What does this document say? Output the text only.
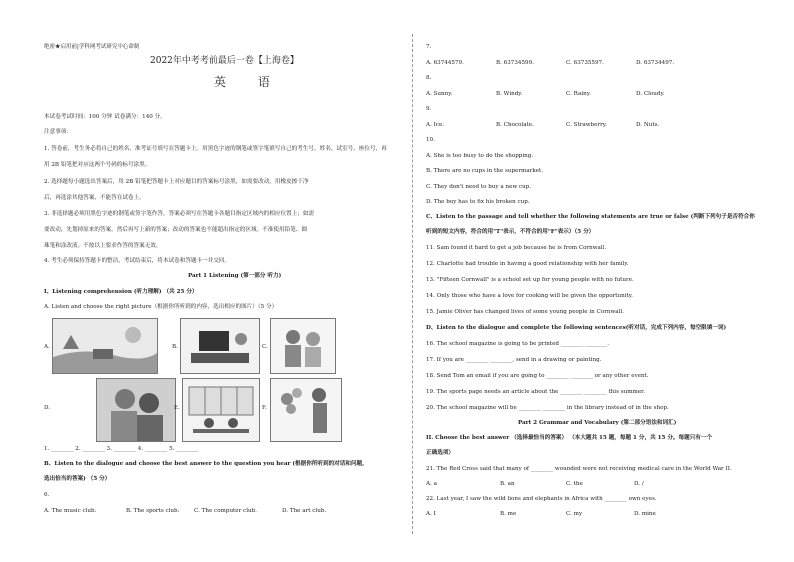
绝密★启用前|学科网考试研究中心命制
2022年中考考前最后一卷【上海卷】
英 语
本试卷考试时间：100 分钟 试卷满分：140 分。
注意事项：
1. 答卷前，考生务必将自己的姓名、准考证号填写在答题卡上。用黑色字迹的钢笔或签字笔填写自己的考生号、姓名、试室号、座位号，再
用 2B 铅笔把对应这两个号码的标号涂黑。
2. 选择题每小题选出答案后，用 2B 铅笔把答题卡上对应题目的答案标号涂黑，如需要改动，用橡皮擦干净
后，再选涂其他答案，不能答在试卷上。
3. 非选择题必须用黑色字迹的钢笔或签字笔作答，答案必须写在答题卡各题目指定区域内的相应位置上；如需
要改动，先划掉原来的答案，然后再写上新的答案；改动的答案也不能超出指定的区域。不准使用铅笔、圆
珠笔和涂改液。不按以上要求作答的答案无效。
4. 考生必须保持答题卡的整洁，考试结束后，将本试卷和答题卡一并交回。
Part 1 Listening (第一部分 听力)
I、Listening comprehension (听力理解) （共 25 分）
A. Listen and choose the right picture（根据你所听到的内容，选出相应的图片）（5 分）
A.	B.	C.
D.	E.	F.
1. ________ 2. ________ 3. ________ 4. ________ 5. ________
B、Listen to the dialogue and choose the best answer to the question you hear (根据你所听到的对话和问题，
选出恰当的答案) （5 分）
6.
A. The music club.	B. The sports club.	C. The computer club.	D. The art club.
7.
A. 63744579.	B. 63734599.	C. 63735597.	D. 63734497.
8.
A. Sunny.	B. Windy.	C. Rainy.	D. Cloudy.
9.
A. Ice.	B. Chocolate.	C. Strawberry.	D. Nuts.
10.
A. She is too busy to do the shopping.
B. There are no cups in the supermarket.
C. They don't need to buy a new cup.
D. The boy has to fix his broken cup.
C、Listen to the passage and tell whether the following statements are true or false (判断下列句子是否符合你
听到的短文内容，符合的用"T"表示，不符合的用"F"表示）（5 分）
11. Sam found it hard to get a job because he is from Cornwall.
12. Charlotte had trouble in having a good relationship with her family.
13. "Fifteen Cornwall" is a school set up for young people with no future.
14. Only those who have a love for cooking will be given the opportunity.
15. Jamie Oliver has changed lives of some young people in Cornwall.
D、Listen to the dialogue and complete the following sentences(听对话，完成下列内容，每空限填一词)
16. The school magazine is going to be printed ________ ________.
17. If you are ________ ________, send in a drawing or painting.
18. Send Tom an email if you are going to ________ ________ or any other event.
19. The sports page needs an article about the ________ ________ this summer.
20. The school magazine will be ________ ________ in the library instead of in the shop.
Part 2 Grammar and Vocabulary (第二部分语法和词汇)
II. Choose the best answer （选择最恰当的答案） （本大题共 15 题，每题 1 分，共 15 分。每题只有一个
正确选项）
21. The Red Cross said that many of ________ wounded were not receiving medical care in the World War II.
A. a	B. an	C. the	D. /
22. Last year, I saw the wild lions and elephants in Africa with ________ own eyes.
A. I	B. me	C. my	D. mine
